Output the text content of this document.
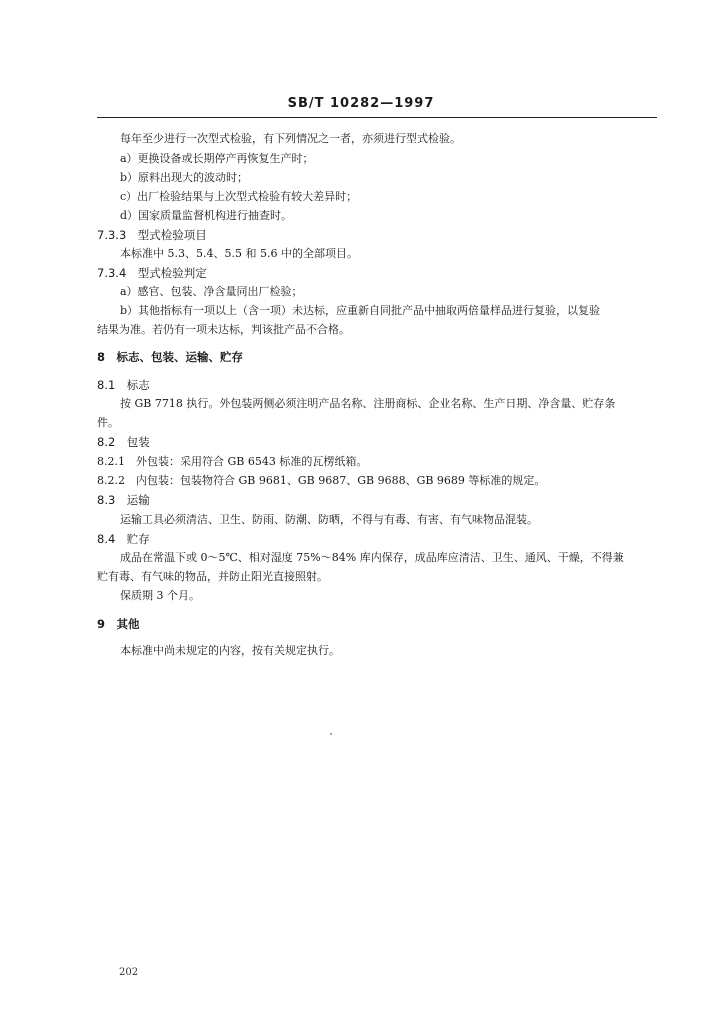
SB/T 10282—1997
每年至少进行一次型式检验，有下列情况之一者，亦须进行型式检验。
a）更换设备或长期停产再恢复生产时；
b）原料出现大的波动时；
c）出厂检验结果与上次型式检验有较大差异时；
d）国家质量监督机构进行抽查时。
7.3.3　型式检验项目
本标准中 5.3、5.4、5.5 和 5.6 中的全部项目。
7.3.4　型式检验判定
a）感官、包装、净含量同出厂检验；
b）其他指标有一项以上（含一项）未达标，应重新自同批产品中抽取两倍量样品进行复验，以复验
结果为准。若仍有一项未达标，判该批产品不合格。
8　标志、包装、运输、贮存
8.1　标志
按 GB 7718 执行。外包装两侧必须注明产品名称、注册商标、企业名称、生产日期、净含量、贮存条
件。
8.2　包装
8.2.1　外包装：采用符合 GB 6543 标准的瓦楞纸箱。
8.2.2　内包装：包装物符合 GB 9681、GB 9687、GB 9688、GB 9689 等标准的规定。
8.3　运输
运输工具必须清洁、卫生、防雨、防潮、防晒，不得与有毒、有害、有气味物品混装。
8.4　贮存
成品在常温下或 0～5℃、相对湿度 75%～84% 库内保存，成品库应清洁、卫生、通风、干燥，不得兼
贮有毒、有气味的物品，并防止阳光直接照射。
保质期 3 个月。
9　其他
本标准中尚未规定的内容，按有关规定执行。
202
